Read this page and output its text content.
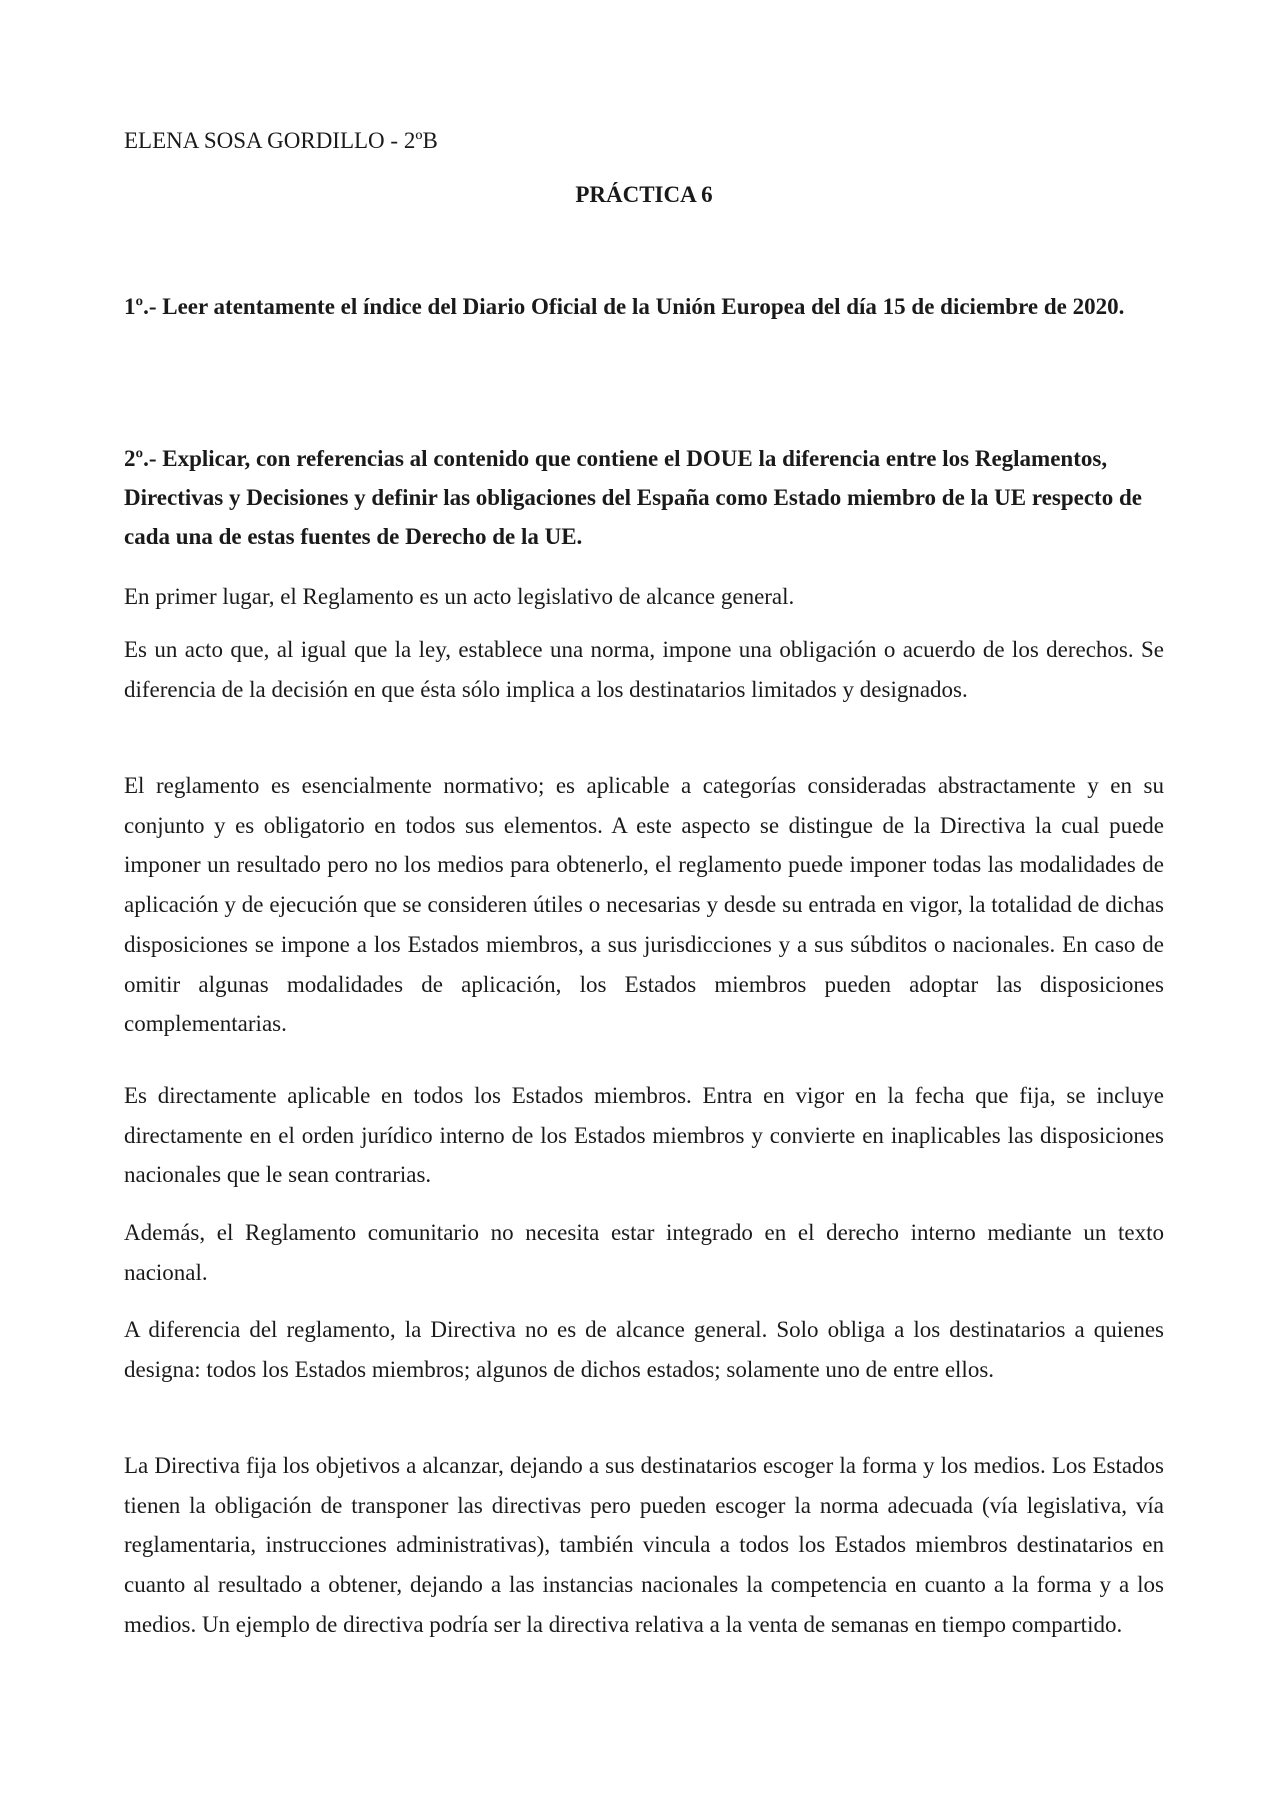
ELENA SOSA GORDILLO - 2ºB
PRÁCTICA 6
1º.- Leer atentamente el índice del Diario Oficial de la Unión Europea del día 15 de diciembre de 2020.
2º.- Explicar, con referencias al contenido que contiene el DOUE la diferencia entre los Reglamentos, Directivas y Decisiones y definir las obligaciones del España como Estado miembro de la UE respecto de cada una de estas fuentes de Derecho de la UE.
En primer lugar, el Reglamento es un acto legislativo de alcance general.
Es un acto que, al igual que la ley, establece una norma, impone una obligación o acuerdo de los derechos. Se diferencia de la decisión en que ésta sólo implica a los destinatarios limitados y designados.
El reglamento es esencialmente normativo; es aplicable a categorías consideradas abstractamente y en su conjunto y es obligatorio en todos sus elementos. A este aspecto se distingue de la Directiva la cual puede imponer un resultado pero no los medios para obtenerlo, el reglamento puede imponer todas las modalidades de aplicación y de ejecución que se consideren útiles o necesarias y desde su entrada en vigor, la totalidad de dichas disposiciones se impone a los Estados miembros, a sus jurisdicciones y a sus súbditos o nacionales. En caso de omitir algunas modalidades de aplicación, los Estados miembros pueden adoptar las disposiciones complementarias.
Es directamente aplicable en todos los Estados miembros. Entra en vigor en la fecha que fija, se incluye directamente en el orden jurídico interno de los Estados miembros y convierte en inaplicables las disposiciones nacionales que le sean contrarias.
Además, el Reglamento comunitario no necesita estar integrado en el derecho interno mediante un texto nacional.
A diferencia del reglamento, la Directiva no es de alcance general. Solo obliga a los destinatarios a quienes designa: todos los Estados miembros; algunos de dichos estados; solamente uno de entre ellos.
La Directiva fija los objetivos a alcanzar, dejando a sus destinatarios escoger la forma y los medios. Los Estados tienen la obligación de transponer las directivas pero pueden escoger la norma adecuada (vía legislativa, vía reglamentaria, instrucciones administrativas), también vincula a todos los Estados miembros destinatarios en cuanto al resultado a obtener, dejando a las instancias nacionales la competencia en cuanto a la forma y a los medios. Un ejemplo de directiva podría ser la directiva relativa a la venta de semanas en tiempo compartido.
